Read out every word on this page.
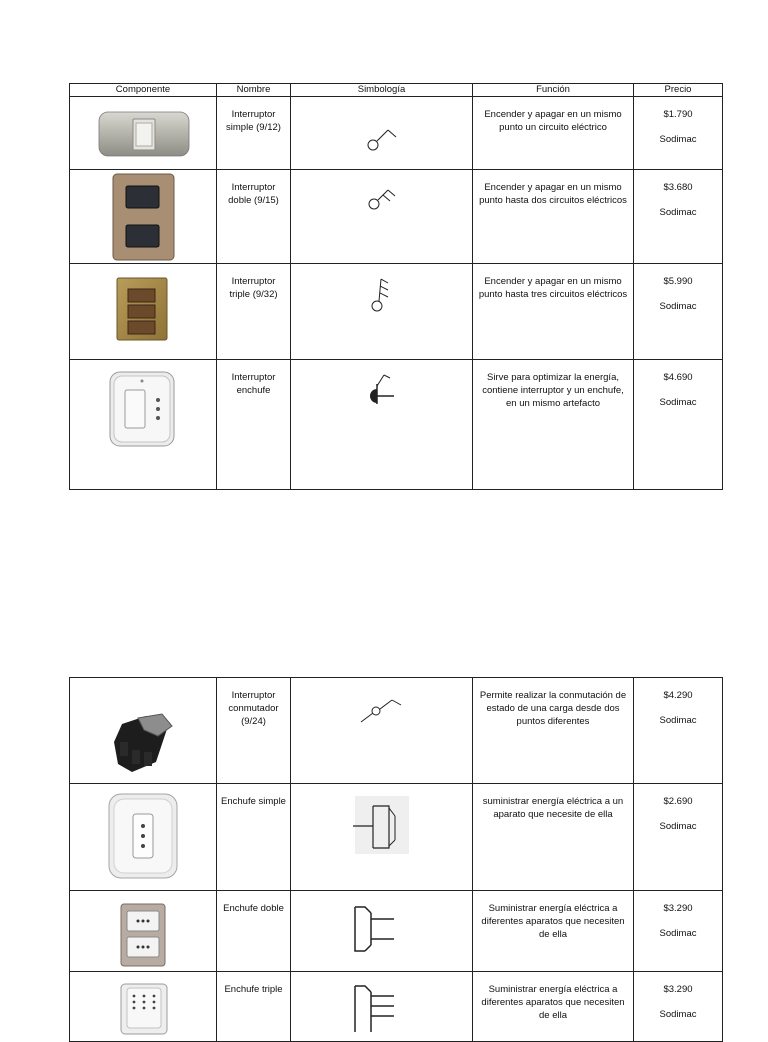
Componente	Nombre	Simbología	Función	Precio

	Interruptor simple (9/12)		Encender y apagar en un mismo punto un circuito eléctrico	$1.790
Sodimac

	Interruptor doble (9/15)		Encender y apagar en un mismo punto hasta dos circuitos eléctricos	$3.680
Sodimac

	Interruptor triple (9/32)		Encender y apagar en un mismo punto hasta tres circuitos eléctricos	$5.990
Sodimac

	Interruptor enchufe		Sirve para optimizar la energía, contiene interruptor y un enchufe, en un mismo artefacto	$4.690
Sodimac
	Interruptor conmutador (9/24)		Permite realizar la conmutación de estado de una carga desde dos puntos diferentes	$4.290
Sodimac

	Enchufe simple		suministrar energía eléctrica a un aparato que necesite de ella	$2.690
Sodimac

	Enchufe doble		Suministrar energía eléctrica a diferentes aparatos que necesiten de ella	$3.290
Sodimac

	Enchufe triple		Suministrar energía eléctrica a diferentes aparatos que necesiten de ella	$3.290
Sodimac
